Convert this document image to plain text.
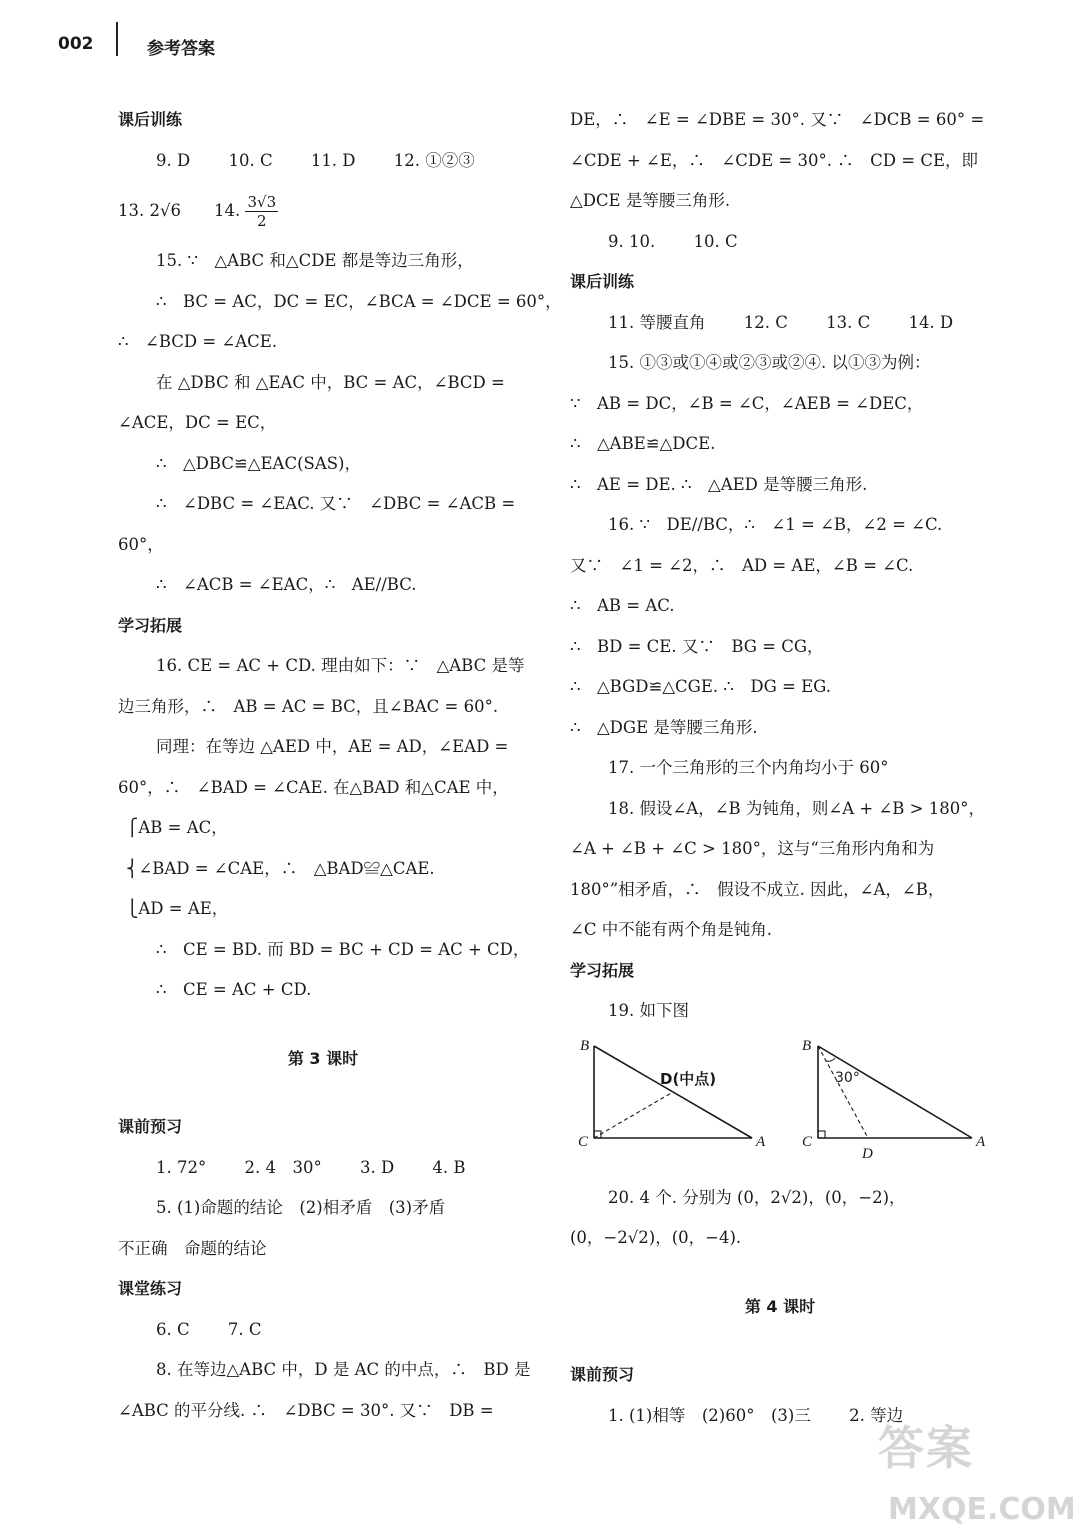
002	参考答案
课后训练
9. D　　 10. C　　 11. D　　 12. ①②③
13. 2√6　　14. $\frac{3√3}{2}$
15. ∵　△ABC 和△CDE 都是等边三角形，
∴　BC = AC，DC = EC，∠BCA = ∠DCE = 60°，
∴　∠BCD = ∠ACE.
在 △DBC 和 △EAC 中，BC = AC，∠BCD =
∠ACE，DC = EC，
∴　△DBC≌△EAC(SAS)，
∴　∠DBC = ∠EAC. 又∵　∠DBC = ∠ACB =
60°，
∴　∠ACB = ∠EAC，∴　AE//BC.
学习拓展
16. CE = AC + CD. 理由如下：∵　△ABC 是等
边三角形，∴　AB = AC = BC，且∠BAC = 60°.
同理：在等边 △AED 中，AE = AD，∠EAD =
60°，∴　∠BAD = ∠CAE. 在△BAD 和△CAE 中，
⎧AB = AC，
⎨∠BAD = ∠CAE，∴　△BAD≌△CAE.
⎩AD = AE，
∴　CE = BD. 而 BD = BC + CD = AC + CD，
∴　CE = AC + CD.
第 3 课时
课前预习
1. 72°　　 2. 4　30°　　 3. D　　 4. B
5. (1)命题的结论　(2)相矛盾　(3)矛盾
不正确　命题的结论
课堂练习
6. C　　 7. C
8. 在等边△ABC 中，D 是 AC 的中点，∴　BD 是
∠ABC 的平分线. ∴　∠DBC = 30°. 又∵　DB =
DE，∴　∠E = ∠DBE = 30°. 又∵　∠DCB = 60° =
∠CDE + ∠E，∴　∠CDE = 30°. ∴　CD = CE，即
△DCE 是等腰三角形.
9. 10.　　 10. C
课后训练
11. 等腰直角　　 12. C　　 13. C　　 14. D
15. ①③或①④或②③或②④. 以①③为例：
∵　AB = DC，∠B = ∠C，∠AEB = ∠DEC，
∴　△ABE≌△DCE.
∴　AE = DE. ∴　△AED 是等腰三角形.
16. ∵　DE//BC，∴　∠1 = ∠B，∠2 = ∠C.
又∵　∠1 = ∠2，∴　AD = AE，∠B = ∠C.
∴　AB = AC.
∴　BD = CE. 又∵　BG = CG，
∴　△BGD≌△CGE. ∴　DG = EG.
∴　△DGE 是等腰三角形.
17. 一个三角形的三个内角均小于 60°
18. 假设∠A，∠B 为钝角，则∠A + ∠B > 180°，
∠A + ∠B + ∠C > 180°，这与“三角形内角和为
180°”相矛盾，∴　假设不成立. 因此，∠A，∠B，
∠C 中不能有两个角是钝角.
学习拓展
19. 如下图
B
C	A
D(中点)
B
C	A
D
30°
20. 4 个. 分别为 (0，2√2)，(0，−2)，
(0，−2√2)，(0，−4).
第 4 课时
课前预习
1. (1)相等　(2)60°　(3)三　　 2. 等边
答案
MXQE.COM
